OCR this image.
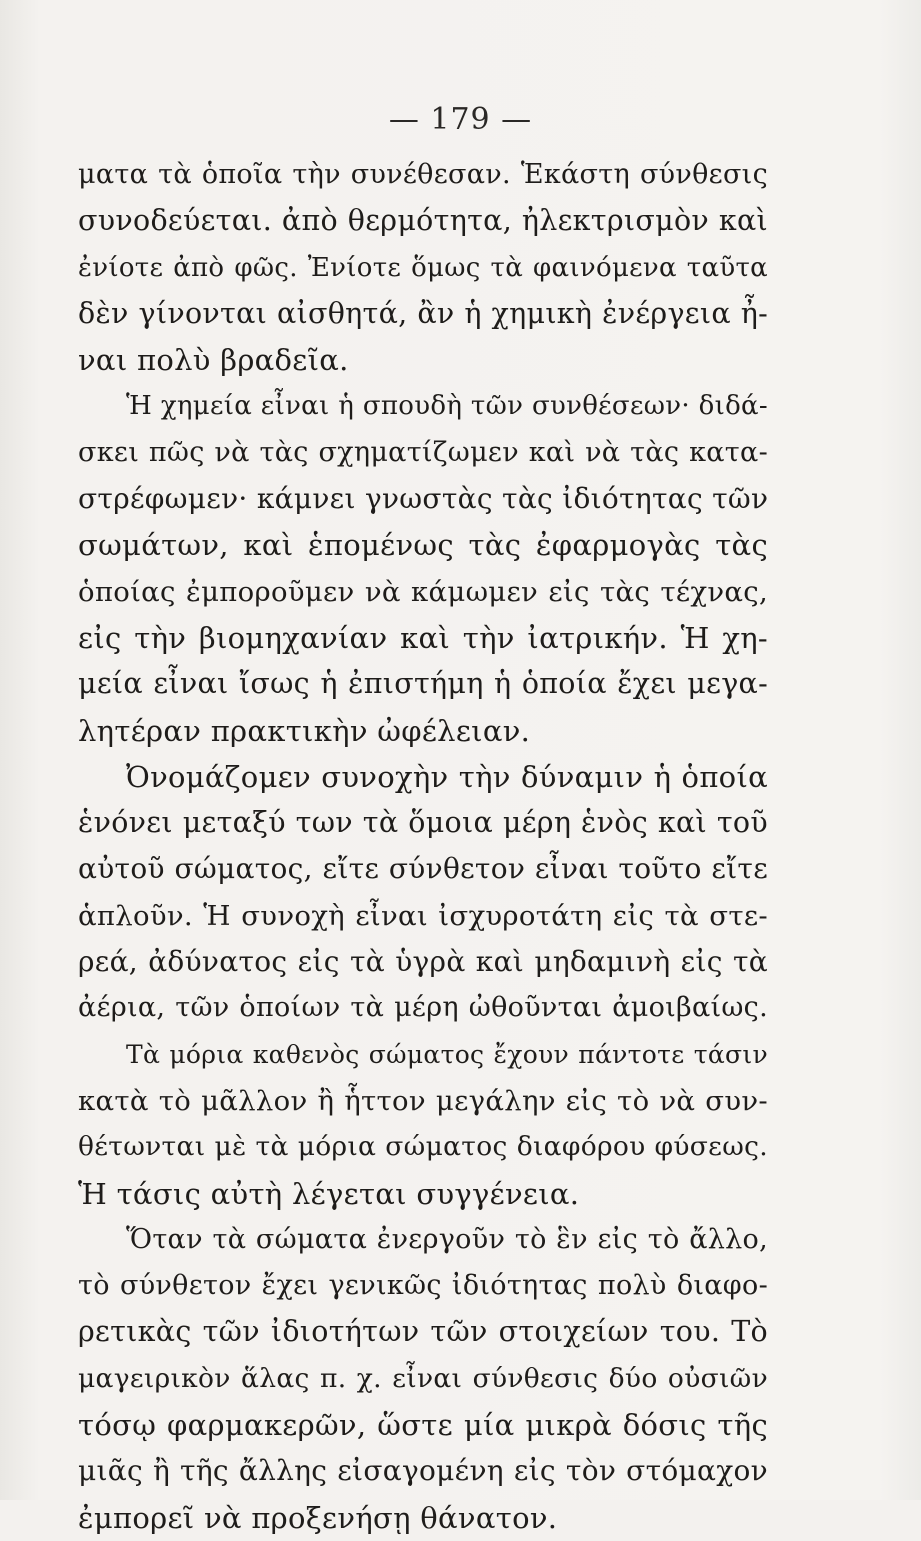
— 179 —
ματα τὰ ὁποῖα τὴν συνέθεσαν. Ἑκάστη σύνθεσις
συνοδεύεται. ἀπὸ θερμότητα, ἠλεκτρισμὸν καὶ
ἐνίοτε ἀπὸ φῶς. Ἐνίοτε ὅμως τὰ φαινόμενα ταῦτα
δὲν γίνονται αἰσθητά, ἂν ἡ χημικὴ ἐνέργεια ἦ-
ναι πολὺ βραδεῖα.
Ἡ χημεία εἶναι ἡ σπουδὴ τῶν συνθέσεων· διδά-
σκει πῶς νὰ τὰς σχηματίζωμεν καὶ νὰ τὰς κατα-
στρέφωμεν· κάμνει γνωστὰς τὰς ἰδιότητας τῶν
σωμάτων, καὶ ἑπομένως τὰς ἐφαρμογὰς τὰς
ὁποίας ἐμποροῦμεν νὰ κάμωμεν εἰς τὰς τέχνας,
εἰς τὴν βιομηχανίαν καὶ τὴν ἰατρικήν. Ἡ χη-
μεία εἶναι ἴσως ἡ ἐπιστήμη ἡ ὁποία ἔχει μεγα-
λητέραν πρακτικὴν ὠφέλειαν.
Ὀνομάζομεν συνοχὴν τὴν δύναμιν ἡ ὁποία
ἑνόνει μεταξύ των τὰ ὅμοια μέρη ἑνὸς καὶ τοῦ
αὐτοῦ σώματος, εἴτε σύνθετον εἶναι τοῦτο εἴτε
ἁπλοῦν. Ἡ συνοχὴ εἶναι ἰσχυροτάτη εἰς τὰ στε-
ρεά, ἀδύνατος εἰς τὰ ὑγρὰ καὶ μηδαμινὴ εἰς τὰ
ἀέρια, τῶν ὁποίων τὰ μέρη ὠθοῦνται ἀμοιβαίως.
Τὰ μόρια καθενὸς σώματος ἔχουν πάντοτε τάσιν
κατὰ τὸ μᾶλλον ἢ ἧττον μεγάλην εἰς τὸ νὰ συν-
θέτωνται μὲ τὰ μόρια σώματος διαφόρου φύσεως.
Ἡ τάσις αὐτὴ λέγεται συγγένεια.
Ὅταν τὰ σώματα ἐνεργοῦν τὸ ἓν εἰς τὸ ἄλλο,
τὸ σύνθετον ἔχει γενικῶς ἰδιότητας πολὺ διαφο-
ρετικὰς τῶν ἰδιοτήτων τῶν στοιχείων του. Τὸ
μαγειρικὸν ἅλας π. χ. εἶναι σύνθεσις δύο οὐσιῶν
τόσῳ φαρμακερῶν, ὥστε μία μικρὰ δόσις τῆς
μιᾶς ἢ τῆς ἄλλης εἰσαγομένη εἰς τὸν στόμαχον
ἐμπορεῖ νὰ προξενήσῃ θάνατον.
